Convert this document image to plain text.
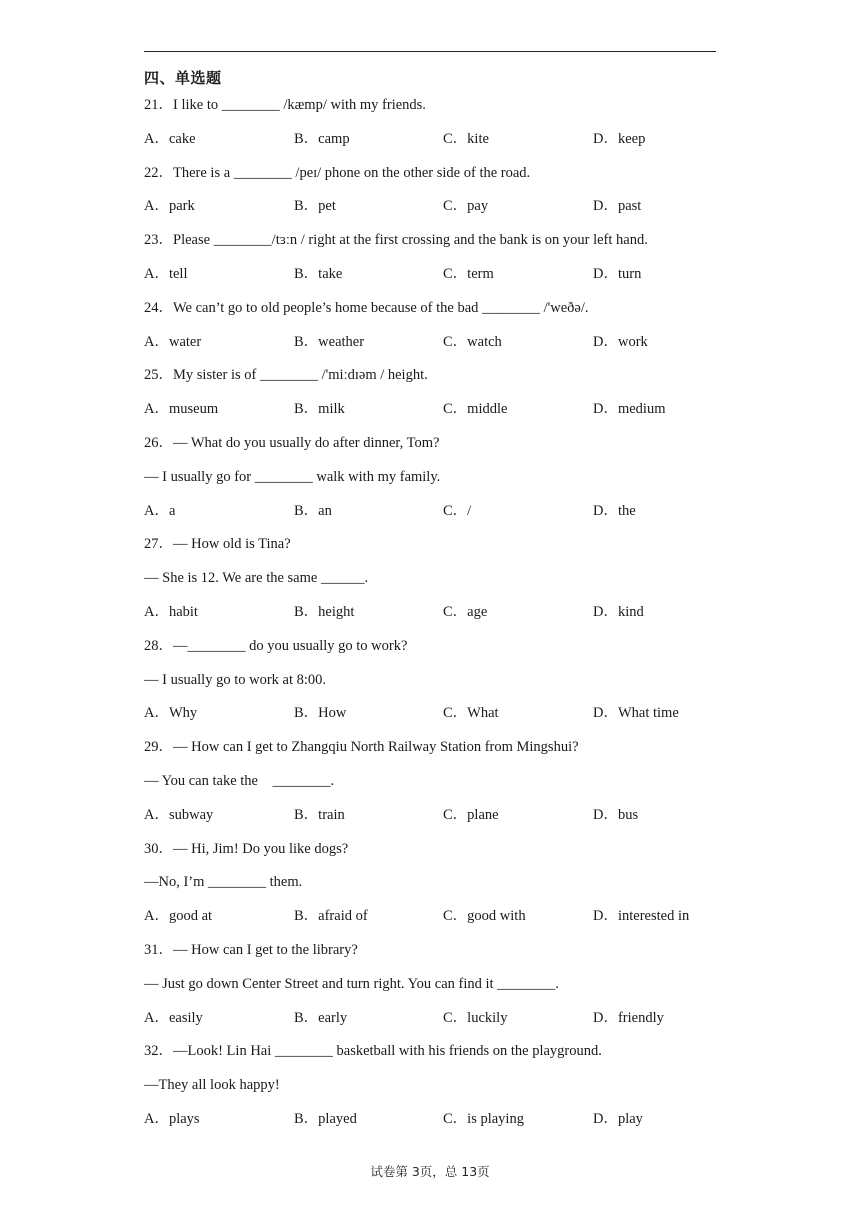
四、单选题
21．I like to ________ /kæmp/ with my friends.
A．cake	B．camp	C．kite	D．keep
22．There is a ________ /peɪ/ phone on the other side of the road.
A．park	B．pet	C．pay	D．past
23．Please ________/tɜːn / right at the first crossing and the bank is on your left hand.
A．tell	B．take	C．term	D．turn
24．We can’t go to old people’s home because of the bad ________ /'weðə/.
A．water	B．weather	C．watch	D．work
25．My sister is of ________ /'miːdɪəm / height.
A．museum	B．milk	C．middle	D．medium
26．— What do you usually do after dinner, Tom?
— I usually go for ________ walk with my family.
A．a	B．an	C．/	D．the
27．— How old is Tina?
— She is 12. We are the same ______.
A．habit	B．height	C．age	D．kind
28．—________ do you usually go to work?
— I usually go to work at 8:00.
A．Why	B．How	C．What	D．What time
29．— How can I get to Zhangqiu North Railway Station from Mingshui?
— You can take the    ________.
A．subway	B．train	C．plane	D．bus
30．— Hi, Jim! Do you like dogs?
—No, I’m ________ them.
A．good at	B．afraid of	C．good with	D．interested in
31．— How can I get to the library?
— Just go down Center Street and turn right. You can find it ________.
A．easily	B．early	C．luckily	D．friendly
32．—Look! Lin Hai ________ basketball with his friends on the playground.
—They all look happy!
A．plays	B．played	C．is playing	D．play
试卷第 3页，总 13页
